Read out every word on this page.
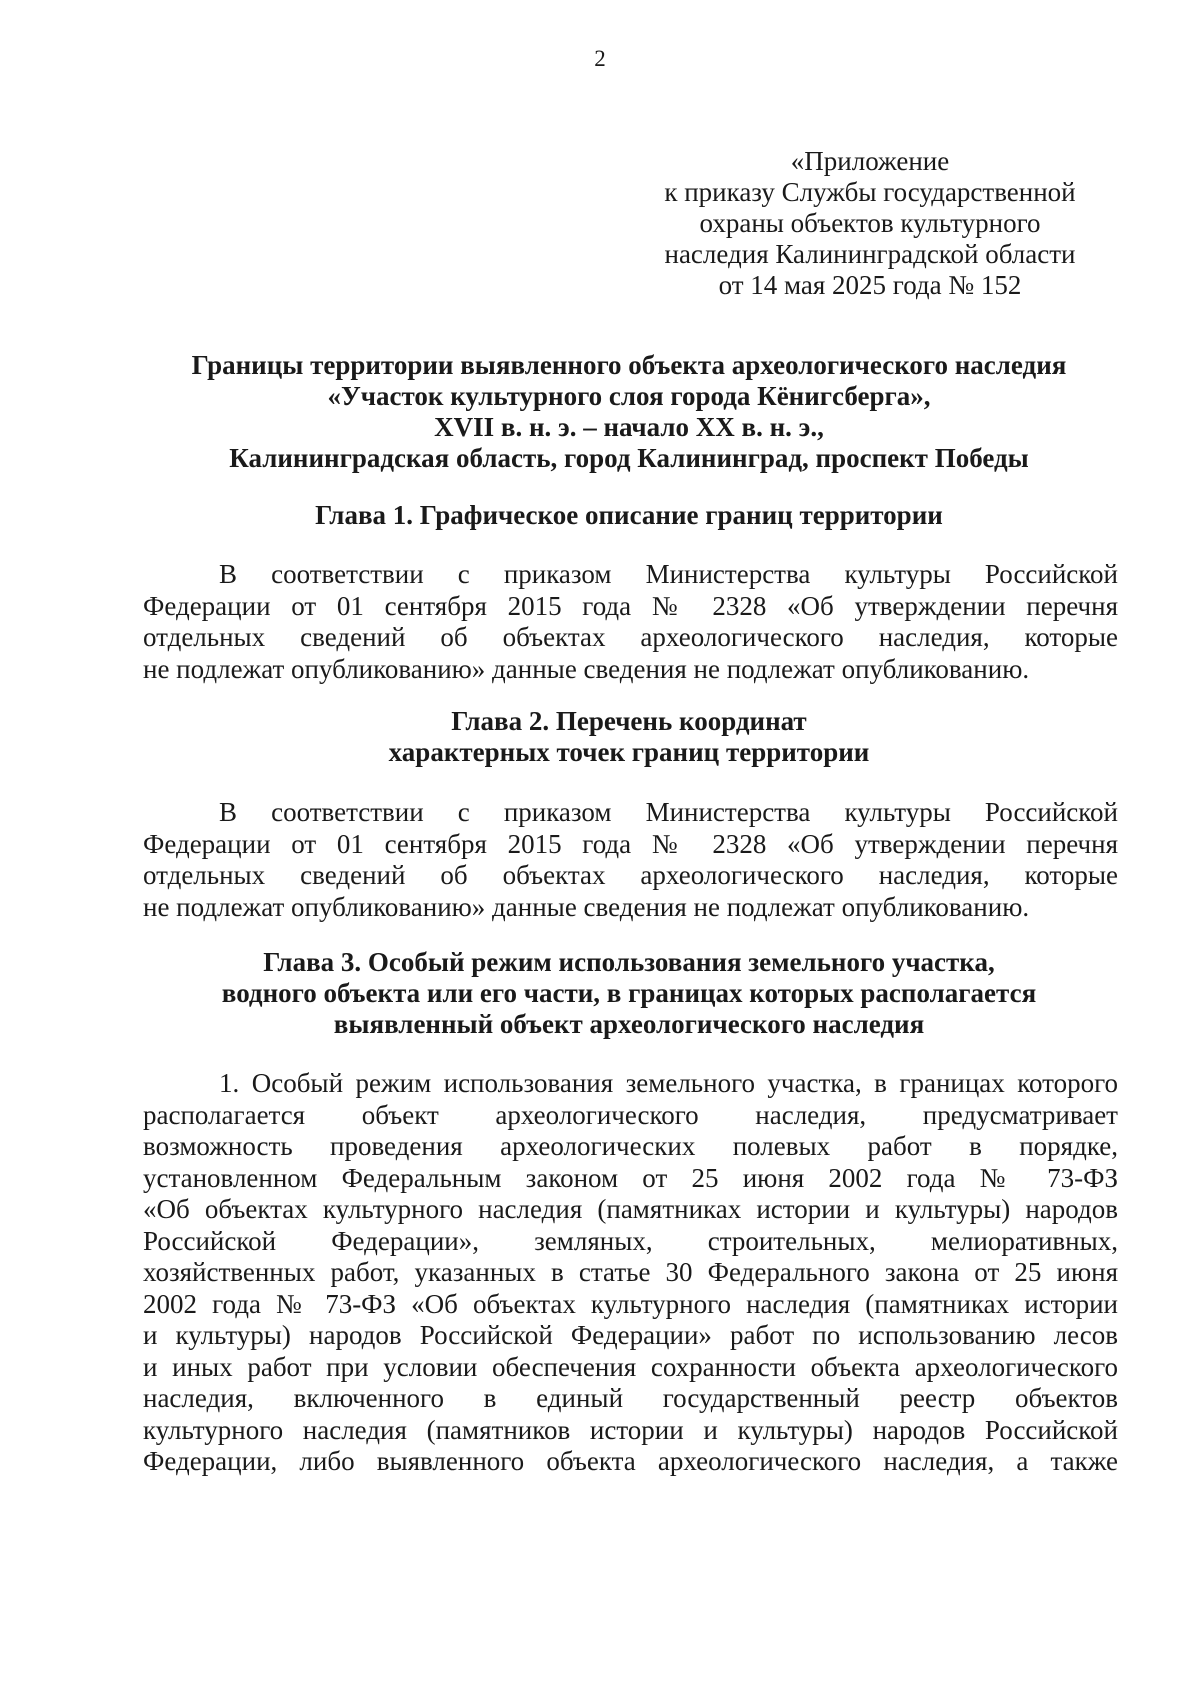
2
«Приложение
к приказу Службы государственной
охраны объектов культурного
наследия Калининградской области
от 14 мая 2025 года № 152
Границы территории выявленного объекта археологического наследия
«Участок культурного слоя города Кёнигсберга»,
XVII в. н. э. – начало XX в. н. э.,
Калининградская область, город Калининград, проспект Победы
Глава 1. Графическое описание границ территории
В соответствии с приказом Министерства культуры Российской
Федерации от 01 сентября 2015 года № 2328 «Об утверждении перечня
отдельных сведений об объектах археологического наследия, которые
не подлежат опубликованию» данные сведения не подлежат опубликованию.
Глава 2. Перечень координат
характерных точек границ территории
В соответствии с приказом Министерства культуры Российской
Федерации от 01 сентября 2015 года № 2328 «Об утверждении перечня
отдельных сведений об объектах археологического наследия, которые
не подлежат опубликованию» данные сведения не подлежат опубликованию.
Глава 3. Особый режим использования земельного участка,
водного объекта или его части, в границах которых располагается
выявленный объект археологического наследия
1. Особый режим использования земельного участка, в границах которого
располагается объект археологического наследия, предусматривает
возможность проведения археологических полевых работ в порядке,
установленном Федеральным законом от 25 июня 2002 года № 73-ФЗ
«Об объектах культурного наследия (памятниках истории и культуры) народов
Российской Федерации», земляных, строительных, мелиоративных,
хозяйственных работ, указанных в статье 30 Федерального закона от 25 июня
2002 года № 73-ФЗ «Об объектах культурного наследия (памятниках истории
и культуры) народов Российской Федерации» работ по использованию лесов
и иных работ при условии обеспечения сохранности объекта археологического
наследия, включенного в единый государственный реестр объектов
культурного наследия (памятников истории и культуры) народов Российской
Федерации, либо выявленного объекта археологического наследия, а также
